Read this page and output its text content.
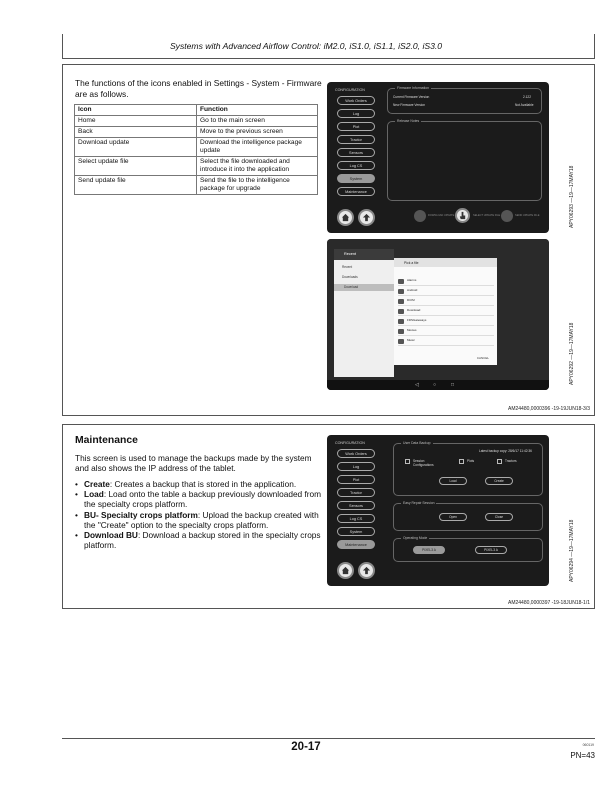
Systems with Advanced Airflow Control: iM2.0, iS1.0, iS1.1, iS2.0, iS3.0
The functions of the icons enabled in Settings - System - Firmware are as follows.
Icon	Function
Home	Go to the main screen
Back	Move to the previous screen
Download update	Download the intelligence package update
Select update file	Select the file downloaded and introduce it into the application
Send update file	Send the file to the intelligence package for upgrade
CONFIGURATION
Work Orders
Log
Plot
Tractor
Sensors
Log CS
System
Maintenance
Firmware Information
Current Firmware Version	2.122
New Firmware Version	Not Available
Release Notes
DOWNLOAD UPDATE	SELECT UPDATE FILE	SEND UPDATE FILE
Recent
Recent
Downloads
Download
Pick a file
Alarms
Android
DCIM
Download
FDSGateways
Movies
Music
CANCEL
◁	○	□
APY06293 —19—17MAY18
APY06292 —19—17MAY18
AM24480,0000396 -19-19JUN18-3/3
Maintenance
This screen is used to manage the backups made by the system and also shows the IP address of the tablet.
• Create: Creates a backup that is stored in the application.
• Load: Load onto the table a backup previously downloaded from the specialty crops platform.
• BU- Specialty crops platform: Upload the backup created with the "Create" option to the specialty crops platform.
• Download BU: Download a backup stored in the specialty crops platform.
CONFIGURATION
Work Orders
Log
Plot
Tractor
Sensors
Log CS
System
Maintenance
User Data Backup
Latest backup copy: 28/6/17 11:42:36
Session Configurations
Plots	Tractors
Load	Create
Easy Repair Session
Open	Close
Operating Mode
PIXEL3 A	PIXEL3 A	APY06294 —19—17MAY18
AM24480,0000397 -19-18JUN18-1/1
20-17	060119
PN=43
